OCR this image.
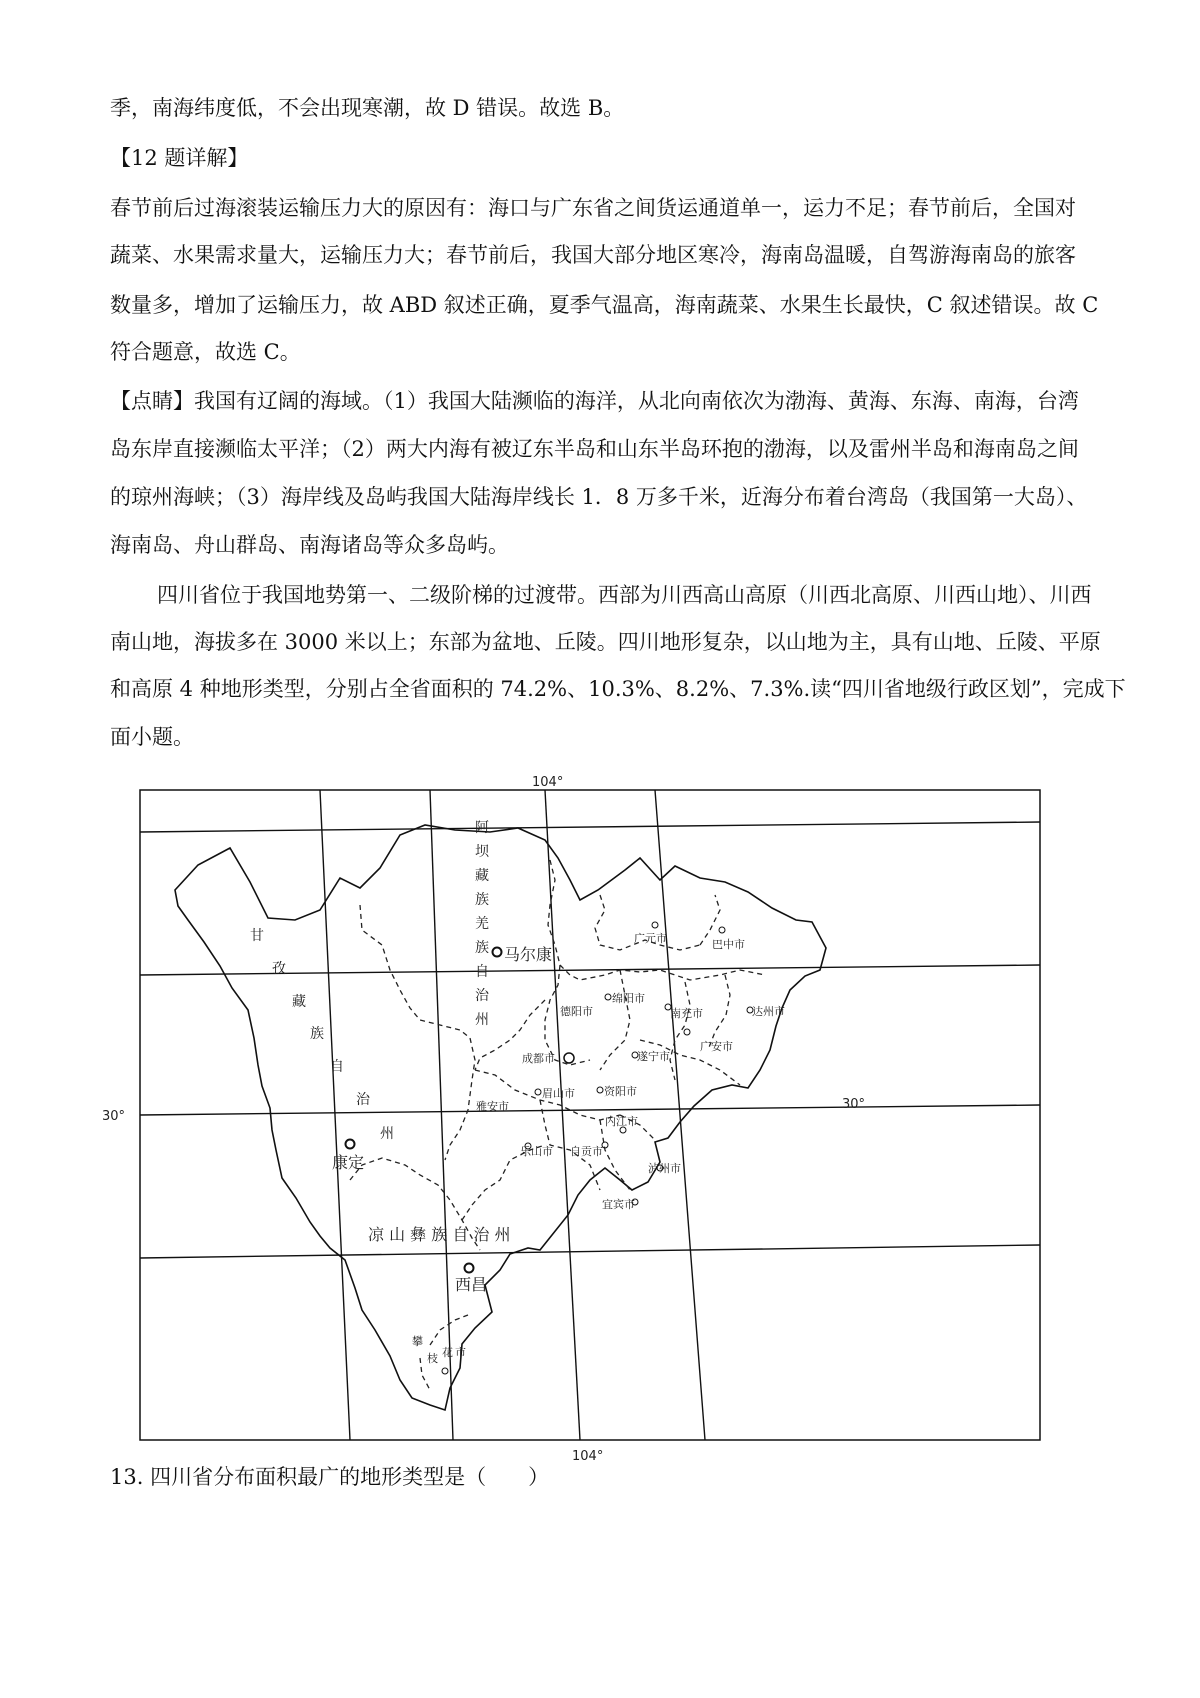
季，南海纬度低，不会出现寒潮，故 D 错误。故选 B。
【12 题详解】
春节前后过海滚装运输压力大的原因有：海口与广东省之间货运通道单一，运力不足；春节前后，全国对
蔬菜、水果需求量大，运输压力大；春节前后，我国大部分地区寒冷，海南岛温暖，自驾游海南岛的旅客
数量多，增加了运输压力，故 ABD 叙述正确，夏季气温高，海南蔬菜、水果生长最快，C 叙述错误。故 C
符合题意，故选 C。
【点睛】我国有辽阔的海域。（1）我国大陆濒临的海洋，从北向南依次为渤海、黄海、东海、南海，台湾
岛东岸直接濒临太平洋；（2）两大内海有被辽东半岛和山东半岛环抱的渤海，以及雷州半岛和海南岛之间
的琼州海峡；（3）海岸线及岛屿我国大陆海岸线长 1．8 万多千米，近海分布着台湾岛（我国第一大岛）、
海南岛、舟山群岛、南海诸岛等众多岛屿。
四川省位于我国地势第一、二级阶梯的过渡带。西部为川西高山高原（川西北高原、川西山地）、川西
南山地，海拔多在 3000 米以上；东部为盆地、丘陵。四川地形复杂，以山地为主，具有山地、丘陵、平原
和高原 4 种地形类型，分别占全省面积的 74.2%、10.3%、8.2%、7.3%.读“四川省地级行政区划”，完成下
面小题。
104°
104°
30°
30°
阿
坝
藏
族
羌
族
自
治
州
甘
孜
藏
族
自
治
州
凉 山 彝 族 自 治 州
马尔康
康定
西昌
广元市	巴中市
绵阳市
德阳市	南充市	达州市
成都市
广安市
遂宁市
眉山市	资阳市
雅安市
内江市
乐山市 自贡市
泸州市
宜宾市
攀
枝 花 市
13. 四川省分布面积最广的地形类型是（　　）
